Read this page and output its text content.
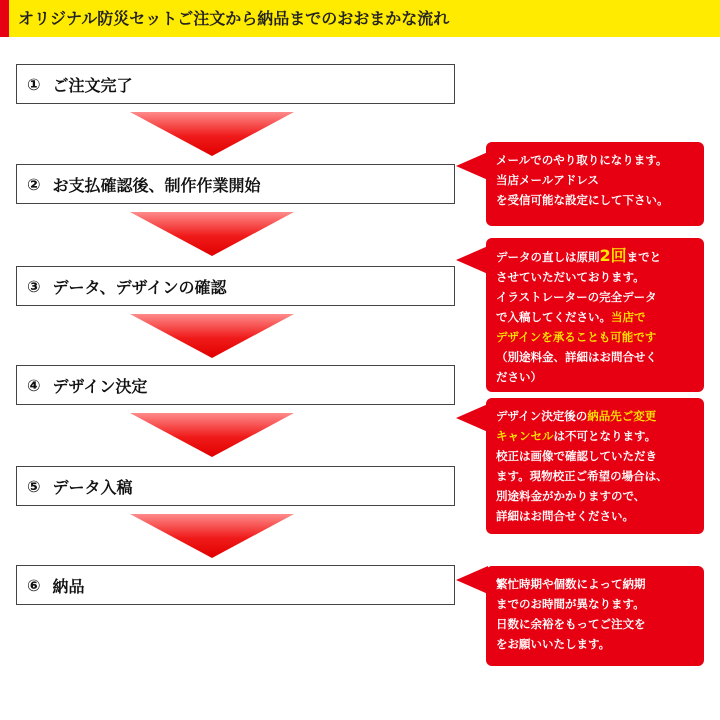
オリジナル防災セットご注文から納品までのおおまかな流れ
① ご注文完了
② お支払確認後、制作作業開始
③ データ、デザインの確認
④ デザイン決定
⑤ データ入稿
⑥ 納品

メールでのやり取りになります。

当店メールアドレス

を受信可能な設定にして下さい。

データの直しは原則2回までと

させていただいております。

イラストレーターの完全データ

で入稿してください。当店で

デザインを承ることも可能です

（別途料金、詳細はお問合せく

ださい）

デザイン決定後の納品先ご変更

キャンセルは不可となります。

校正は画像で確認していただき

ます。現物校正ご希望の場合は、

別途料金がかかりますので、

詳細はお問合せください。

繁忙時期や個数によって納期

までのお時間が異なります。

日数に余裕をもってご注文を

をお願いいたします。
